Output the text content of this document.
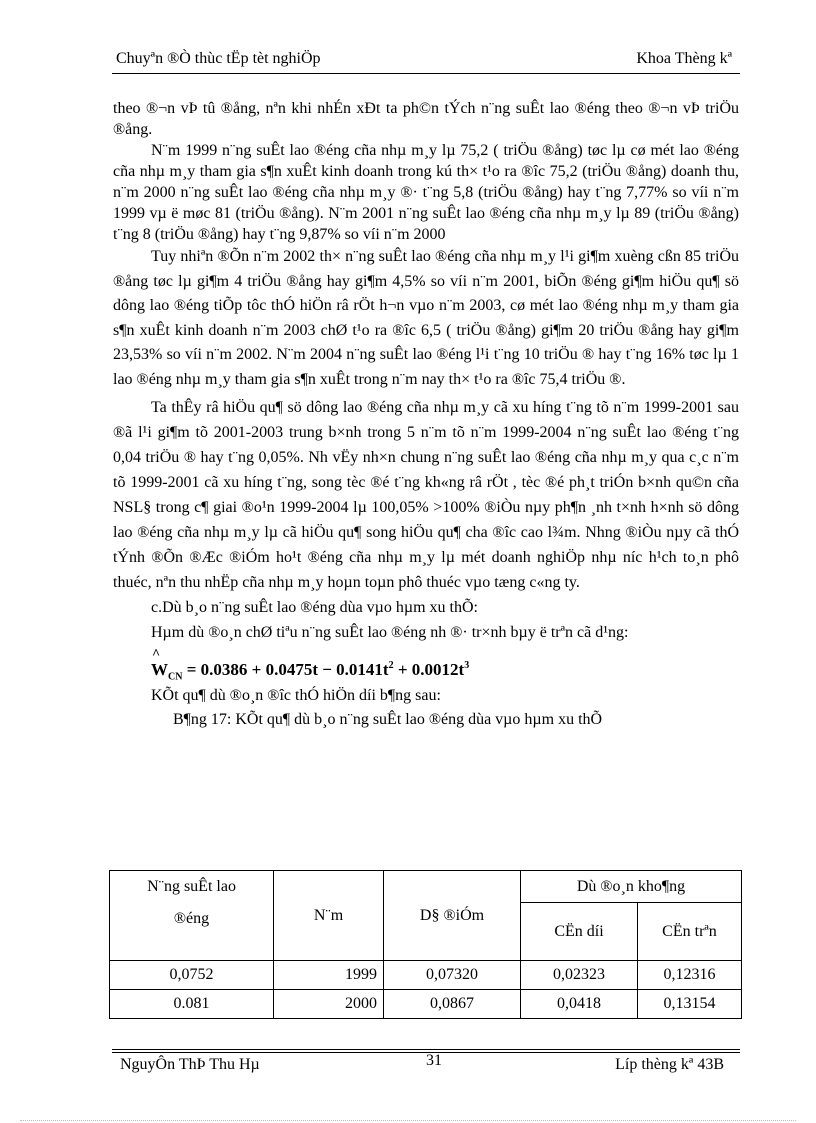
Chuyªn ®Ò thùc tËp tèt nghiÖp	Khoa Thèng kª

theo ®¬n vÞ tû ®ång, nªn khi nhÉn xÐt ta ph©n tÝch n¨ng suÊt lao ®éng theo ®¬n vÞ triÖu ®ång.

N¨m 1999 n¨ng suÊt lao ®éng cña nhµ m¸y lµ 75,2 ( triÖu ®ång) tøc lµ cø mét lao ®éng cña nhµ m¸y tham gia s¶n xuÊt kinh doanh trong kú th× t¹o ra ®îc 75,2 (triÖu ®ång) doanh thu, n¨m 2000 n¨ng suÊt lao ®éng cña nhµ m¸y ®· t¨ng 5,8 (triÖu ®ång) hay t¨ng 7,77% so víi n¨m 1999 vµ ë møc 81 (triÖu ®ång). N¨m 2001 n¨ng suÊt lao ®éng cña nhµ m¸y lµ 89 (triÖu ®ång) t¨ng 8 (triÖu ®ång) hay t¨ng 9,87% so víi n¨m 2000

Tuy nhiªn ®Õn n¨m 2002 th× n¨ng suÊt lao ®éng cña nhµ m¸y l¹i gi¶m xuèng cßn 85 triÖu ®ång tøc lµ gi¶m 4 triÖu ®ång hay gi¶m 4,5% so víi n¨m 2001, biÕn ®éng gi¶m hiÖu qu¶ sö dông lao ®éng tiÕp tôc thÓ hiÖn râ rÖt h¬n vµo n¨m 2003, cø mét lao ®éng nhµ m¸y tham gia s¶n xuÊt kinh doanh n¨m 2003 chØ t¹o ra ®îc 6,5 ( triÖu ®ång) gi¶m 20 triÖu ®ång hay gi¶m 23,53% so víi n¨m 2002. N¨m 2004 n¨ng suÊt lao ®éng l¹i t¨ng 10 triÖu ® hay t¨ng 16% tøc lµ 1 lao ®éng nhµ m¸y tham gia s¶n xuÊt trong n¨m nay th× t¹o ra ®îc 75,4 triÖu ®.

Ta thÊy râ hiÖu qu¶ sö dông lao ®éng cña nhµ m¸y cã xu híng t¨ng tõ n¨m 1999-2001 sau ®ã l¹i gi¶m tõ 2001-2003 trung b×nh trong 5 n¨m tõ n¨m 1999-2004 n¨ng suÊt lao ®éng t¨ng 0,04 triÖu ® hay t¨ng 0,05%. Nh vËy nh×n chung n¨ng suÊt lao ®éng cña nhµ m¸y qua c¸c n¨m tõ 1999-2001 cã xu híng t¨ng, song tèc ®é t¨ng kh«ng râ rÖt , tèc ®é ph¸t triÓn b×nh qu©n cña NSL§ trong c¶ giai ®o¹n 1999-2004 lµ 100,05% >100% ®iÒu nµy ph¶n ¸nh t×nh h×nh sö dông lao ®éng cña nhµ m¸y lµ cã hiÖu qu¶ song hiÖu qu¶ cha ®îc cao l¾m. Nhng ®iÒu nµy cã thÓ tÝnh ®Õn ®Æc ®iÓm ho¹t ®éng cña nhµ m¸y lµ mét doanh nghiÖp nhµ níc h¹ch to¸n phô thuéc, nªn thu nhËp cña nhµ m¸y hoµn toµn phô thuéc vµo tæng c«ng ty.

c.Dù b¸o n¨ng suÊt lao ®éng dùa vµo hµm xu thÕ:

Hµm dù ®o¸n chØ tiªu n¨ng suÊt lao ®éng nh ®· tr×nh bµy ë trªn cã d¹ng:

^
$W_{CN} = 0.0386 + 0.0475t - 0.0141t^2 + 0.0012t^3$

KÕt qu¶ dù ®o¸n ®îc thÓ hiÖn díi b¶ng sau:

B¶ng 17: KÕt qu¶ dù b¸o n¨ng suÊt lao ®éng dùa vµo hµm xu thÕ

N¨ng suÊt lao
®éng	N¨m	D§ ®iÓm	Dù ®o¸n kho¶ng	
			CËn díi	CËn trªn
0,0752	1999	0,07320	0,02323	0,12316
0.081	2000	0,0867	0,0418	0,13154
NguyÔn ThÞ Thu Hµ	31	Líp thèng kª 43B
